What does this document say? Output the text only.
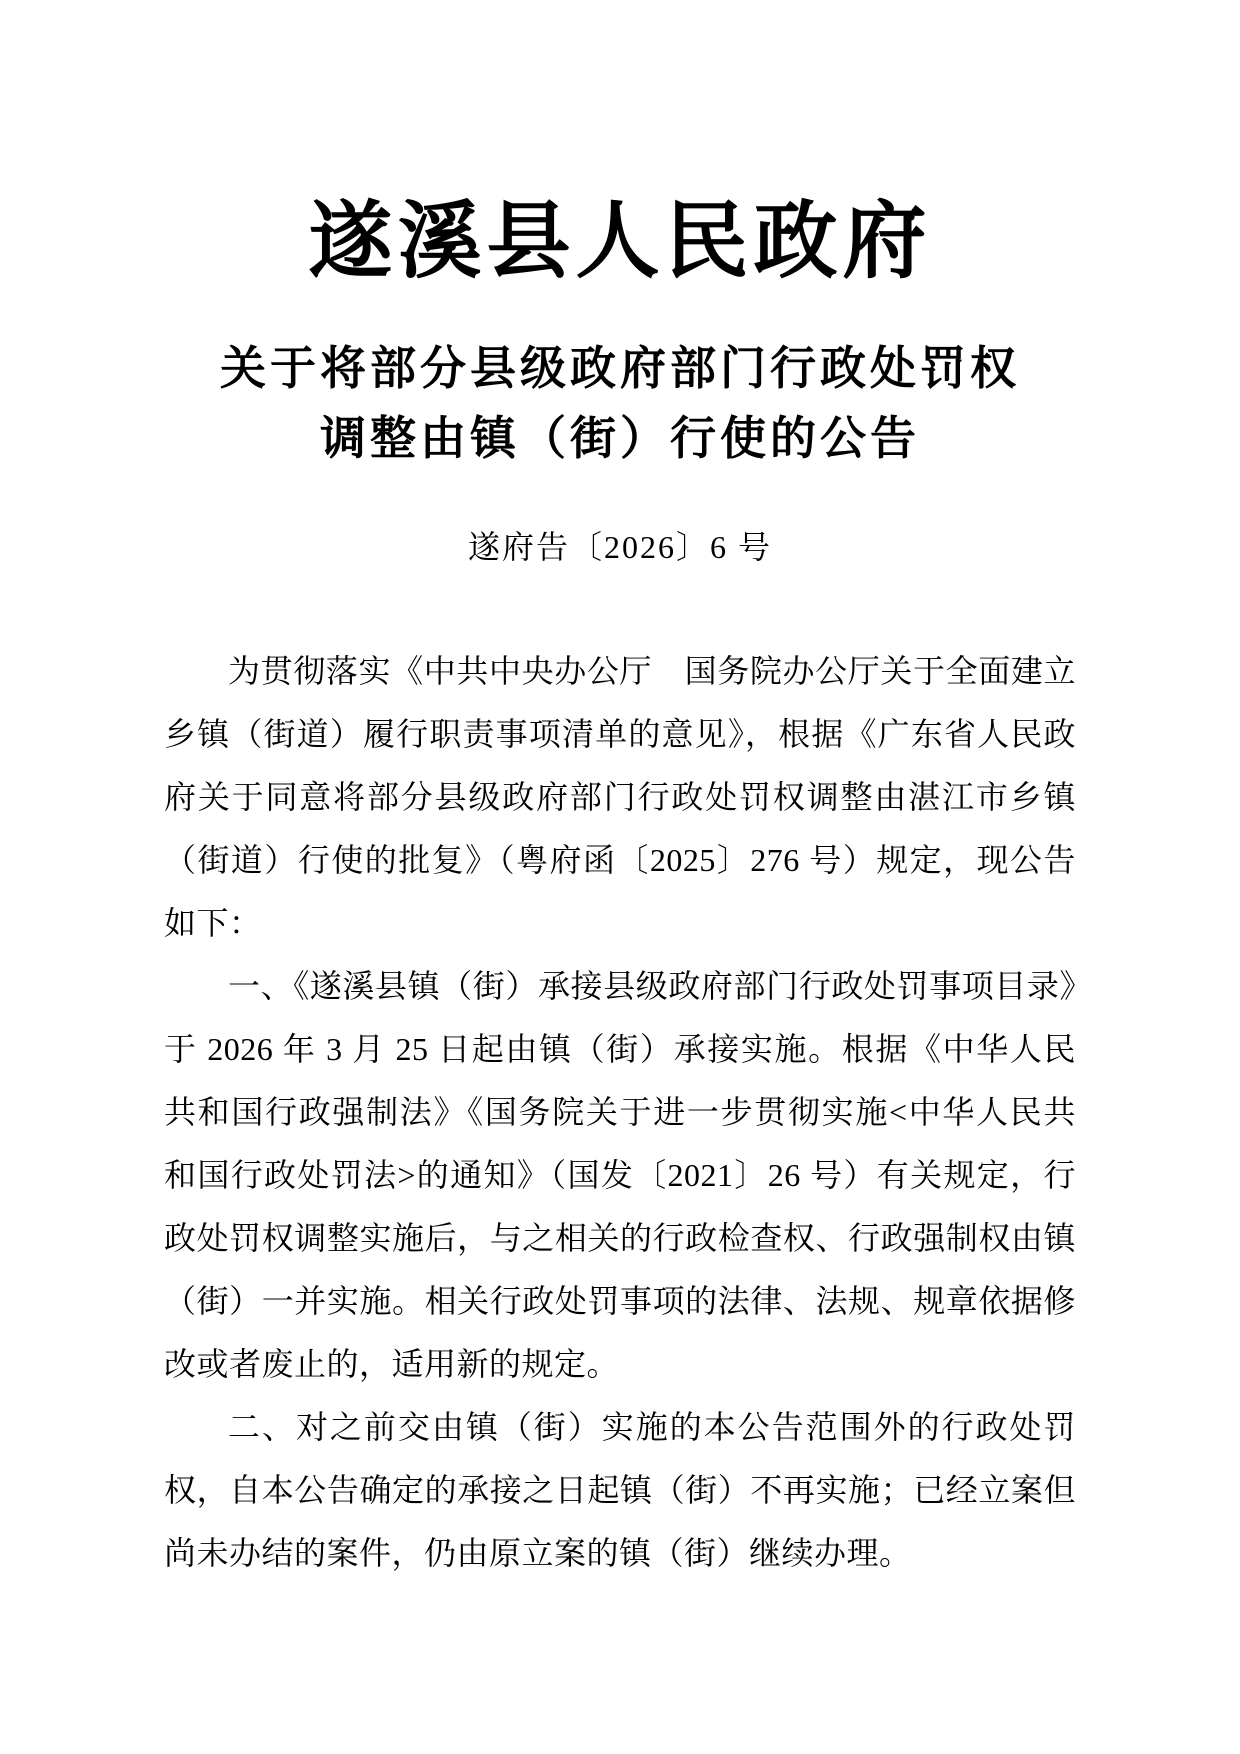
遂溪县人民政府
关于将部分县级政府部门行政处罚权
调整由镇（街）行使的公告
遂府告〔2026〕6 号

为贯彻落实《中共中央办公厅　国务院办公厅关于全面建立乡镇（街道）履行职责事项清单的意见》，根据《广东省人民政府关于同意将部分县级政府部门行政处罚权调整由湛江市乡镇（街道）行使的批复》（粤府函〔2025〕276 号）规定，现公告如下：

一、《遂溪县镇（街）承接县级政府部门行政处罚事项目录》于 2026 年 3 月 25 日起由镇（街）承接实施。根据《中华人民共和国行政强制法》《国务院关于进一步贯彻实施<中华人民共和国行政处罚法>的通知》（国发〔2021〕26 号）有关规定，行政处罚权调整实施后，与之相关的行政检查权、行政强制权由镇（街）一并实施。相关行政处罚事项的法律、法规、规章依据修改或者废止的，适用新的规定。

二、对之前交由镇（街）实施的本公告范围外的行政处罚权，自本公告确定的承接之日起镇（街）不再实施；已经立案但尚未办结的案件，仍由原立案的镇（街）继续办理。
